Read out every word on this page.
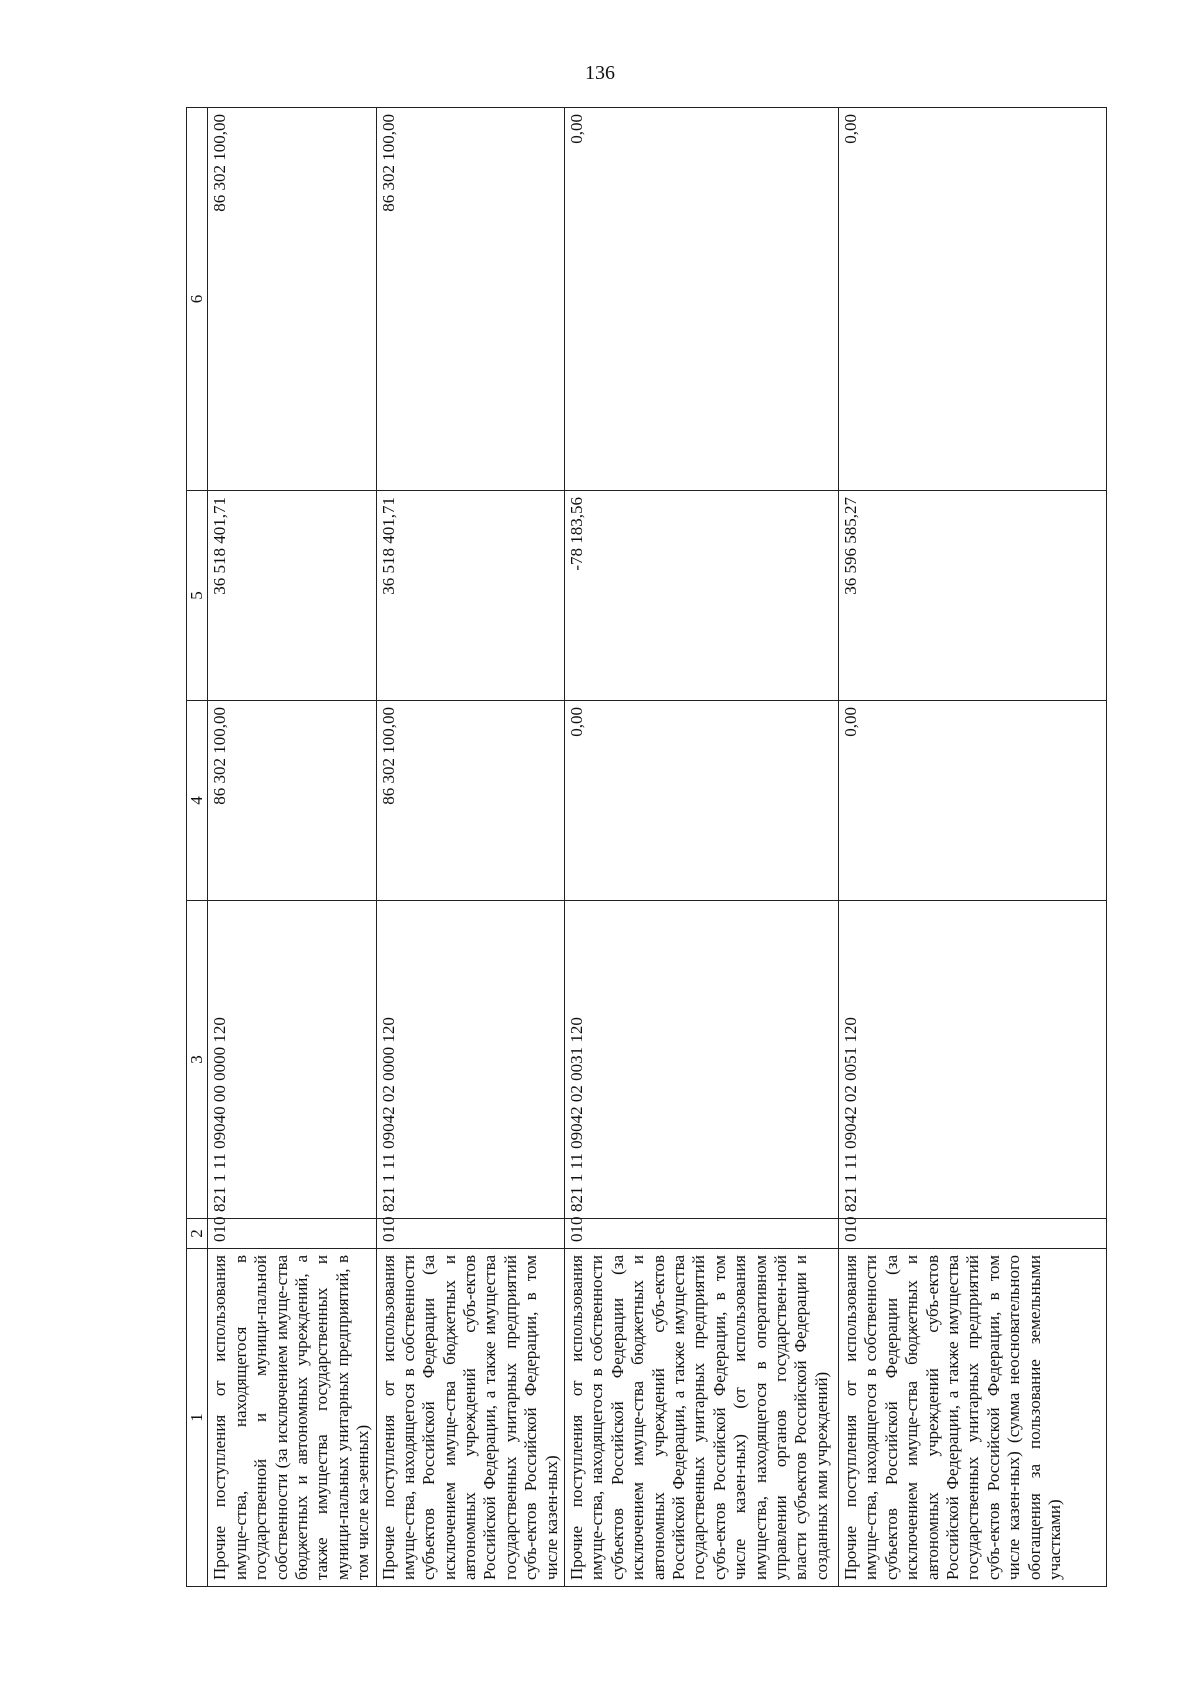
136
1	2	3	4	5	6
Прочие поступления от использования имуще-ства, находящегося в государственной и муници-пальной собственности (за исключением имуще-ства бюджетных и автономных учреждений, а также имущества государственных и муници-пальных унитарных предприятий, в том числе ка-зенных)	010	821 1 11 09040 00 0000 120	86 302 100,00	36 518 401,71	86 302 100,00
Прочие поступления от использования имуще-ства, находящегося в собственности субъектов Российской Федерации (за исключением имуще-ства бюджетных и автономных учреждений субъ-ектов Российской Федерации, а также имущества государственных унитарных предприятий субъ-ектов Российской Федерации, в том числе казен-ных)	010	821 1 11 09042 02 0000 120	86 302 100,00	36 518 401,71	86 302 100,00
Прочие поступления от использования имуще-ства, находящегося в собственности субъектов Российской Федерации (за исключением имуще-ства бюджетных и автономных учреждений субъ-ектов Российской Федерации, а также имущества государственных унитарных предприятий субъ-ектов Российской Федерации, в том числе казен-ных) (от использования имущества, находящегося в оперативном управлении органов государствен-ной власти субъектов Российской Федерации и созданных ими учреждений)	010	821 1 11 09042 02 0031 120	0,00	-78 183,56	0,00
Прочие поступления от использования имуще-ства, находящегося в собственности субъектов Российской Федерации (за исключением имуще-ства бюджетных и автономных учреждений субъ-ектов Российской Федерации, а также имущества государственных унитарных предприятий субъ-ектов Российской Федерации, в том числе казен-ных) (сумма неосновательного обогащения за пользование земельными участками)	010	821 1 11 09042 02 0051 120	0,00	36 596 585,27	0,00
